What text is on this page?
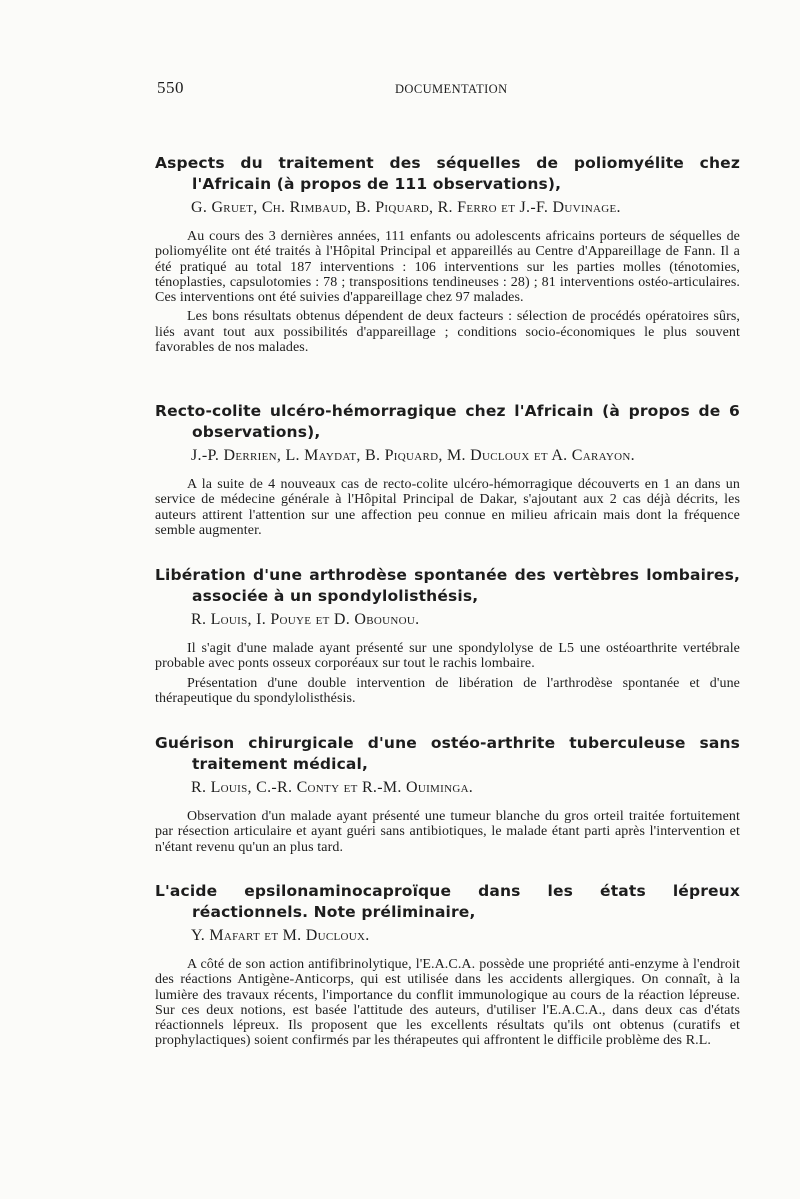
550	DOCUMENTATION
Aspects du traitement des séquelles de poliomyélite chez l'Africain (à propos de 111 observations),
G. Gruet, Ch. Rimbaud, B. Piquard, R. Ferro et J.-F. Duvinage.

Au cours des 3 dernières années, 111 enfants ou adolescents africains porteurs de séquelles de poliomyélite ont été traités à l'Hôpital Principal et appareillés au Centre d'Appareillage de Fann. Il a été pratiqué au total 187 interventions : 106 interventions sur les parties molles (ténotomies, ténoplasties, capsulotomies : 78 ; transpositions tendineuses : 28) ; 81 interventions ostéo-articulaires. Ces interventions ont été suivies d'appareillage chez 97 malades.

Les bons résultats obtenus dépendent de deux facteurs : sélection de procédés opératoires sûrs, liés avant tout aux possibilités d'appareillage ; conditions socio-économiques le plus souvent favorables de nos malades.

Recto-colite ulcéro-hémorragique chez l'Africain (à propos de 6 observations),
J.-P. Derrien, L. Maydat, B. Piquard, M. Ducloux et A. Carayon.

A la suite de 4 nouveaux cas de recto-colite ulcéro-hémorragique découverts en 1 an dans un service de médecine générale à l'Hôpital Principal de Dakar, s'ajoutant aux 2 cas déjà décrits, les auteurs attirent l'attention sur une affection peu connue en milieu africain mais dont la fréquence semble augmenter.

Libération d'une arthrodèse spontanée des vertèbres lombaires, associée à un spondylolisthésis,
R. Louis, I. Pouye et D. Obounou.

Il s'agit d'une malade ayant présenté sur une spondylolyse de L5 une ostéoarthrite vertébrale probable avec ponts osseux corporéaux sur tout le rachis lombaire.

Présentation d'une double intervention de libération de l'arthrodèse spontanée et d'une thérapeutique du spondylolisthésis.

Guérison chirurgicale d'une ostéo-arthrite tuberculeuse sans traitement médical,
R. Louis, C.-R. Conty et R.-M. Ouiminga.

Observation d'un malade ayant présenté une tumeur blanche du gros orteil traitée fortuitement par résection articulaire et ayant guéri sans antibiotiques, le malade étant parti après l'intervention et n'étant revenu qu'un an plus tard.

L'acide epsilonaminocaproïque dans les états lépreux réactionnels. Note préliminaire,
Y. Mafart et M. Ducloux.

A côté de son action antifibrinolytique, l'E.A.C.A. possède une propriété anti-enzyme à l'endroit des réactions Antigène-Anticorps, qui est utilisée dans les accidents allergiques. On connaît, à la lumière des travaux récents, l'importance du conflit immunologique au cours de la réaction lépreuse. Sur ces deux notions, est basée l'attitude des auteurs, d'utiliser l'E.A.C.A., dans deux cas d'états réactionnels lépreux. Ils proposent que les excellents résultats qu'ils ont obtenus (curatifs et prophylactiques) soient confirmés par les thérapeutes qui affrontent le difficile problème des R.L.
